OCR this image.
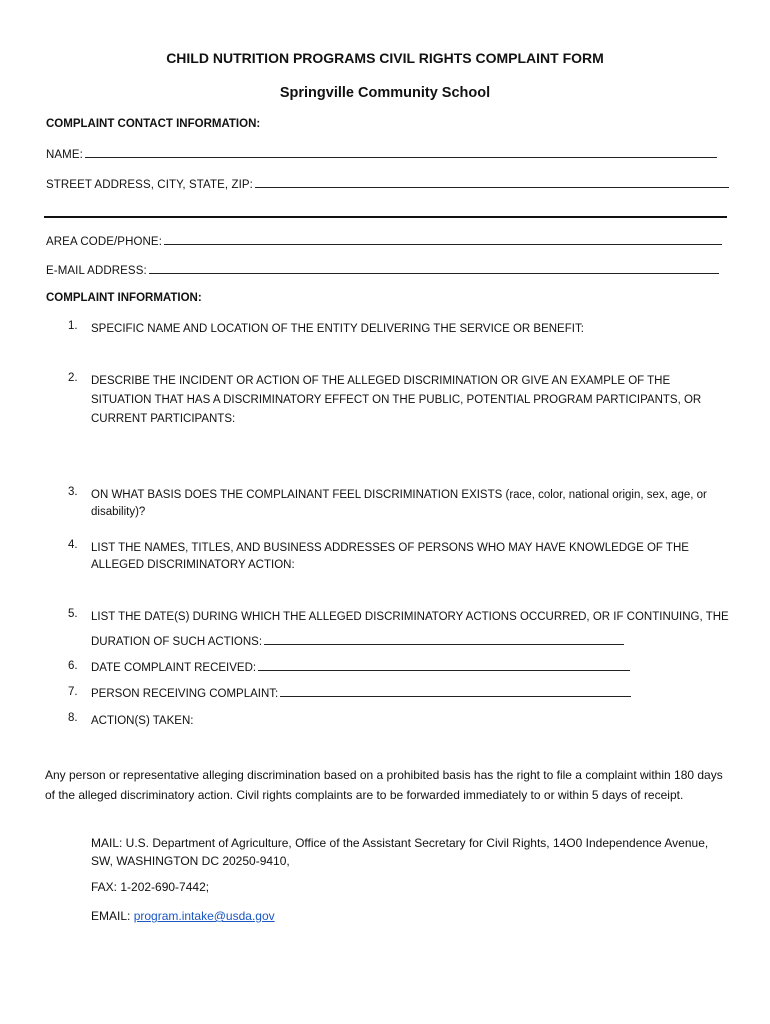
CHILD NUTRITION PROGRAMS CIVIL RIGHTS COMPLAINT FORM
Springville Community School
COMPLAINT CONTACT INFORMATION:
NAME:
STREET ADDRESS, CITY, STATE, ZIP:
AREA CODE/PHONE:
E-MAIL ADDRESS:
COMPLAINT INFORMATION:
1. SPECIFIC NAME AND LOCATION OF THE ENTITY DELIVERING THE SERVICE OR BENEFIT:
2. DESCRIBE THE INCIDENT OR ACTION OF THE ALLEGED DISCRIMINATION OR GIVE AN EXAMPLE OF THE
SITUATION THAT HAS A DISCRIMINATORY EFFECT ON THE PUBLIC, POTENTIAL PROGRAM PARTICIPANTS, OR
CURRENT PARTICIPANTS:
3. ON WHAT BASIS DOES THE COMPLAINANT FEEL DISCRIMINATION EXISTS (race, color, national origin, sex, age, or
disability)?
4. LIST THE NAMES, TITLES, AND BUSINESS ADDRESSES OF PERSONS WHO MAY HAVE KNOWLEDGE OF THE
ALLEGED DISCRIMINATORY ACTION:
5. LIST THE DATE(S) DURING WHICH THE ALLEGED DISCRIMINATORY ACTIONS OCCURRED, OR IF CONTINUING, THE
DURATION OF SUCH ACTIONS:
6. DATE COMPLAINT RECEIVED:
7. PERSON RECEIVING COMPLAINT:
8. ACTION(S) TAKEN:
Any person or representative alleging discrimination based on a prohibited basis has the right to file a complaint within 180 days of the alleged discriminatory action. Civil rights complaints are to be forwarded immediately to or within 5 days of receipt.
MAIL: U.S. Department of Agriculture, Office of the Assistant Secretary for Civil Rights, 14O0 Independence Avenue, SW, WASHINGTON DC 20250-9410,
FAX: 1-202-690-7442;
EMAIL: program.intake@usda.gov
